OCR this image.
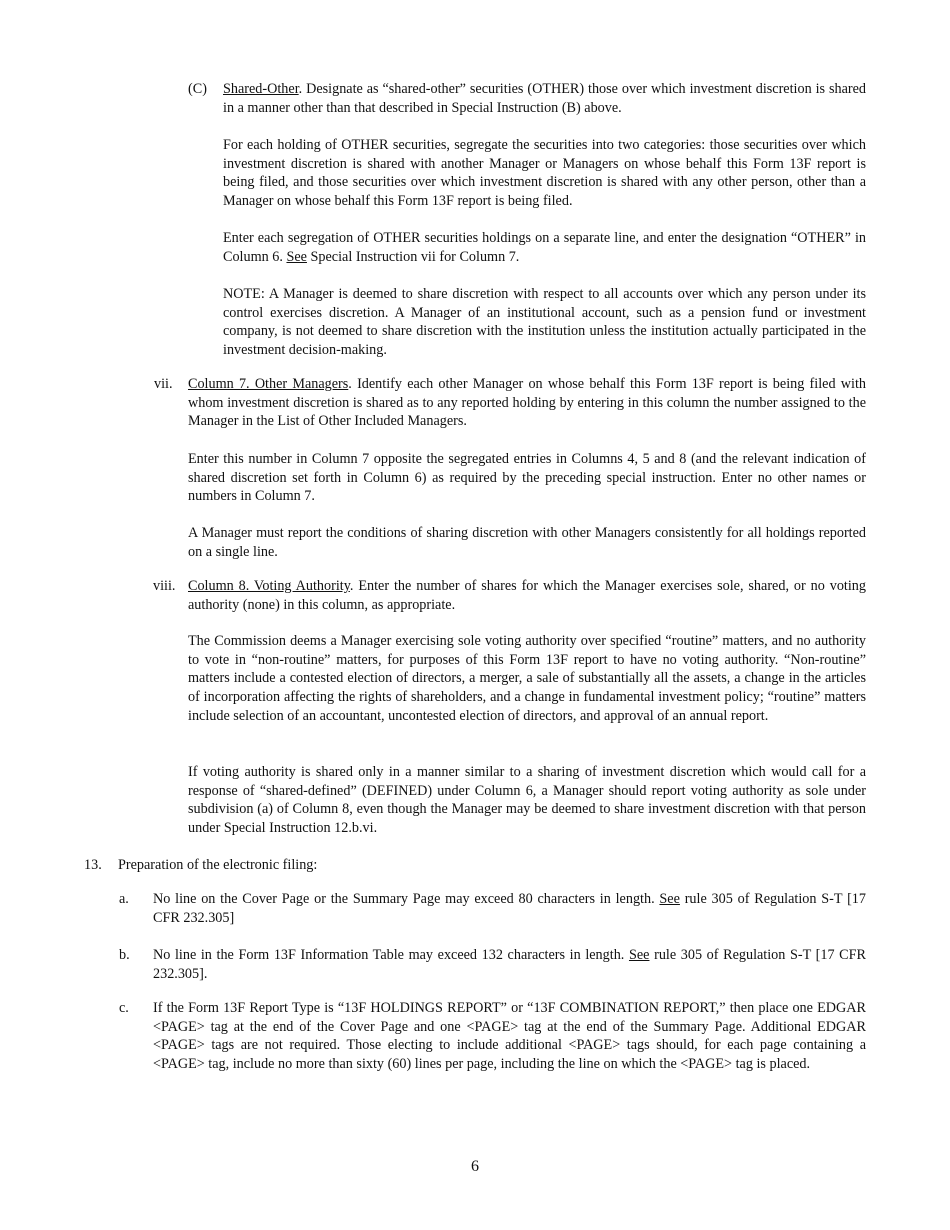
(C) Shared-Other. Designate as “shared-other” securities (OTHER) those over which investment discretion is shared in a manner other than that described in Special Instruction (B) above.
For each holding of OTHER securities, segregate the securities into two categories: those securities over which investment discretion is shared with another Manager or Managers on whose behalf this Form 13F report is being filed, and those securities over which investment discretion is shared with any other person, other than a Manager on whose behalf this Form 13F report is being filed.
Enter each segregation of OTHER securities holdings on a separate line, and enter the designation “OTHER” in Column 6. See Special Instruction vii for Column 7.
NOTE: A Manager is deemed to share discretion with respect to all accounts over which any person under its control exercises discretion. A Manager of an institutional account, such as a pension fund or investment company, is not deemed to share discretion with the institution unless the institution actually participated in the investment decision-making.
vii. Column 7. Other Managers. Identify each other Manager on whose behalf this Form 13F report is being filed with whom investment discretion is shared as to any reported holding by entering in this column the number assigned to the Manager in the List of Other Included Managers.
Enter this number in Column 7 opposite the segregated entries in Columns 4, 5 and 8 (and the relevant indication of shared discretion set forth in Column 6) as required by the preceding special instruction. Enter no other names or numbers in Column 7.
A Manager must report the conditions of sharing discretion with other Managers consistently for all holdings reported on a single line.
viii. Column 8. Voting Authority. Enter the number of shares for which the Manager exercises sole, shared, or no voting authority (none) in this column, as appropriate.
The Commission deems a Manager exercising sole voting authority over specified “routine” matters, and no authority to vote in “non-routine” matters, for purposes of this Form 13F report to have no voting authority. “Non-routine” matters include a contested election of directors, a merger, a sale of substantially all the assets, a change in the articles of incorporation affecting the rights of shareholders, and a change in fundamental investment policy; “routine” matters include selection of an accountant, uncontested election of directors, and approval of an annual report.
If voting authority is shared only in a manner similar to a sharing of investment discretion which would call for a response of “shared-defined” (DEFINED) under Column 6, a Manager should report voting authority as sole under subdivision (a) of Column 8, even though the Manager may be deemed to share investment discretion with that person under Special Instruction 12.b.vi.
13. Preparation of the electronic filing:
a. No line on the Cover Page or the Summary Page may exceed 80 characters in length. See rule 305 of Regulation S-T [17 CFR 232.305]
b. No line in the Form 13F Information Table may exceed 132 characters in length. See rule 305 of Regulation S-T [17 CFR 232.305].
c. If the Form 13F Report Type is “13F HOLDINGS REPORT” or “13F COMBINATION REPORT,” then place one EDGAR <PAGE> tag at the end of the Cover Page and one <PAGE> tag at the end of the Summary Page. Additional EDGAR <PAGE> tags are not required. Those electing to include additional <PAGE> tags should, for each page containing a <PAGE> tag, include no more than sixty (60) lines per page, including the line on which the <PAGE> tag is placed.
6
